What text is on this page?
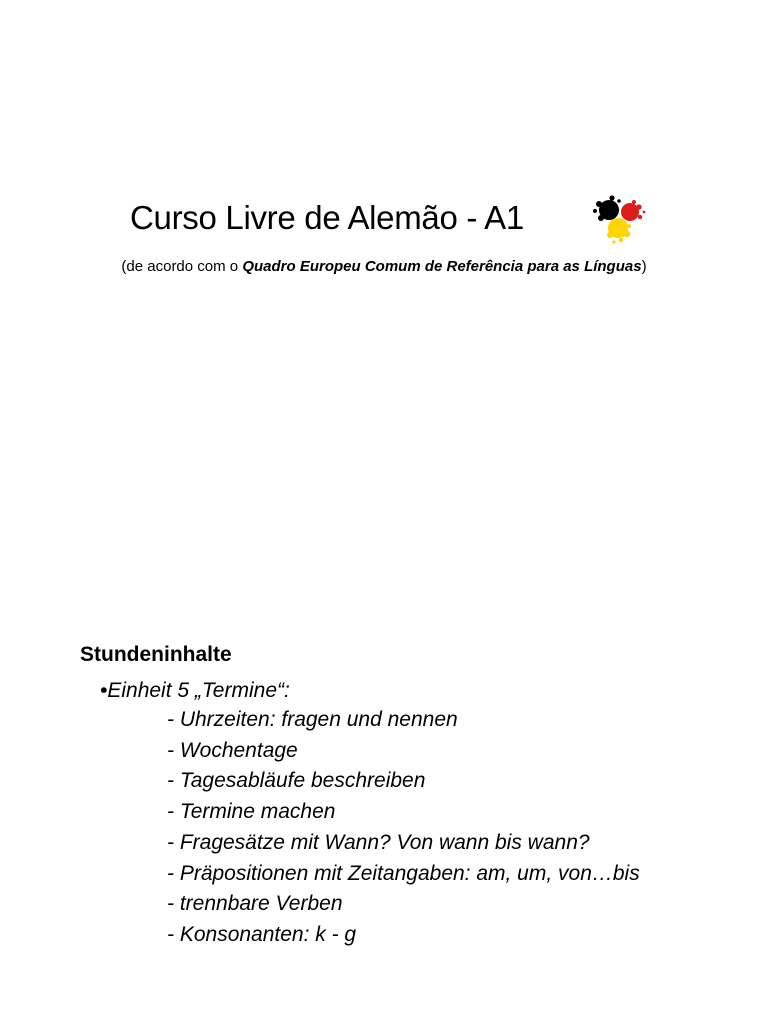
Curso Livre de Alemão - A1
(de acordo com o Quadro Europeu Comum de Referência para as Línguas)
Stundeninhalte
•Einheit 5 „Termine“:
- Uhrzeiten: fragen und nennen
- Wochentage
- Tagesabläufe beschreiben
- Termine machen
- Fragesätze mit Wann? Von wann bis wann?
- Präpositionen mit Zeitangaben: am, um, von…bis
- trennbare Verben
- Konsonanten: k - g
